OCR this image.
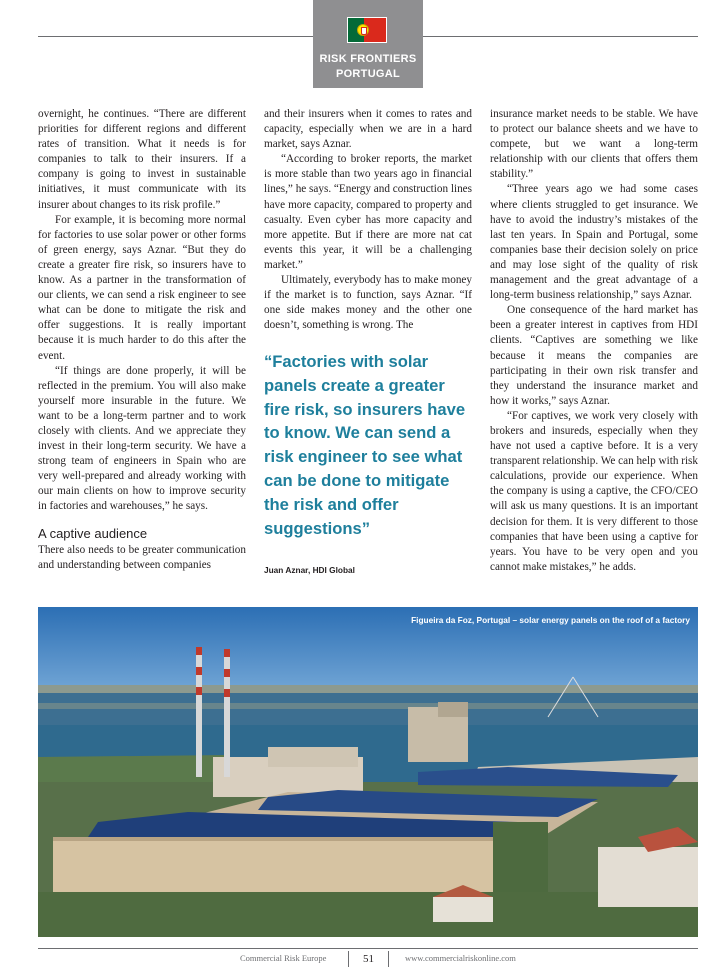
RISK FRONTIERS
PORTUGAL

overnight, he continues. “There are different priorities for different regions and different rates of transition. What it needs is for companies to talk to their insurers. If a company is going to invest in sustainable initiatives, it must communicate with its insurer about changes to its risk profile.”

For example, it is becoming more normal for factories to use solar power or other forms of green energy, says Aznar. “But they do create a greater fire risk, so insurers have to know. As a partner in the transformation of our clients, we can send a risk engineer to see what can be done to mitigate the risk and offer suggestions. It is really important because it is much harder to do this after the event.

“If things are done properly, it will be reflected in the premium. You will also make yourself more insurable in the future. We want to be a long-term partner and to work closely with clients. And we appreciate they invest in their long-term security. We have a strong team of engineers in Spain who are very well-prepared and already working with our main clients on how to improve security in factories and warehouses,” he says.

A captive audience

There also needs to be greater communication and understanding between companies

and their insurers when it comes to rates and capacity, especially when we are in a hard market, says Aznar.

“According to broker reports, the market is more stable than two years ago in financial lines,” he says. “Energy and construction lines have more capacity, compared to property and casualty. Even cyber has more capacity and more appetite. But if there are more nat cat events this year, it will be a challenging market.”

Ultimately, everybody has to make money if the market is to function, says Aznar. “If one side makes money and the other one doesn’t, something is wrong. The

“Factories with solar panels create a greater fire risk, so insurers have to know. We can send a risk engineer to see what can be done to mitigate the risk and offer suggestions”
Juan Aznar, HDI Global

insurance market needs to be stable. We have to protect our balance sheets and we have to compete, but we want a long-term relationship with our clients that offers them stability.”

“Three years ago we had some cases where clients struggled to get insurance. We have to avoid the industry’s mistakes of the last ten years. In Spain and Portugal, some companies base their decision solely on price and may lose sight of the quality of risk management and the great advantage of a long-term business relationship,” says Aznar.

One consequence of the hard market has been a greater interest in captives from HDI clients. “Captives are something we like because it means the companies are participating in their own risk transfer and they understand the insurance market and how it works,” says Aznar.

“For captives, we work very closely with brokers and insureds, especially when they have not used a captive before. It is a very transparent relationship. We can help with risk calculations, provide our experience. When the company is using a captive, the CFO/CEO will ask us many questions. It is an important decision for them. It is very different to those companies that have been using a captive for years. You have to be very open and you cannot make mistakes,” he adds.

Figueira da Foz, Portugal – solar energy panels on the roof of a factory
Commercial Risk Europe	51	www.commercialriskonline.com
